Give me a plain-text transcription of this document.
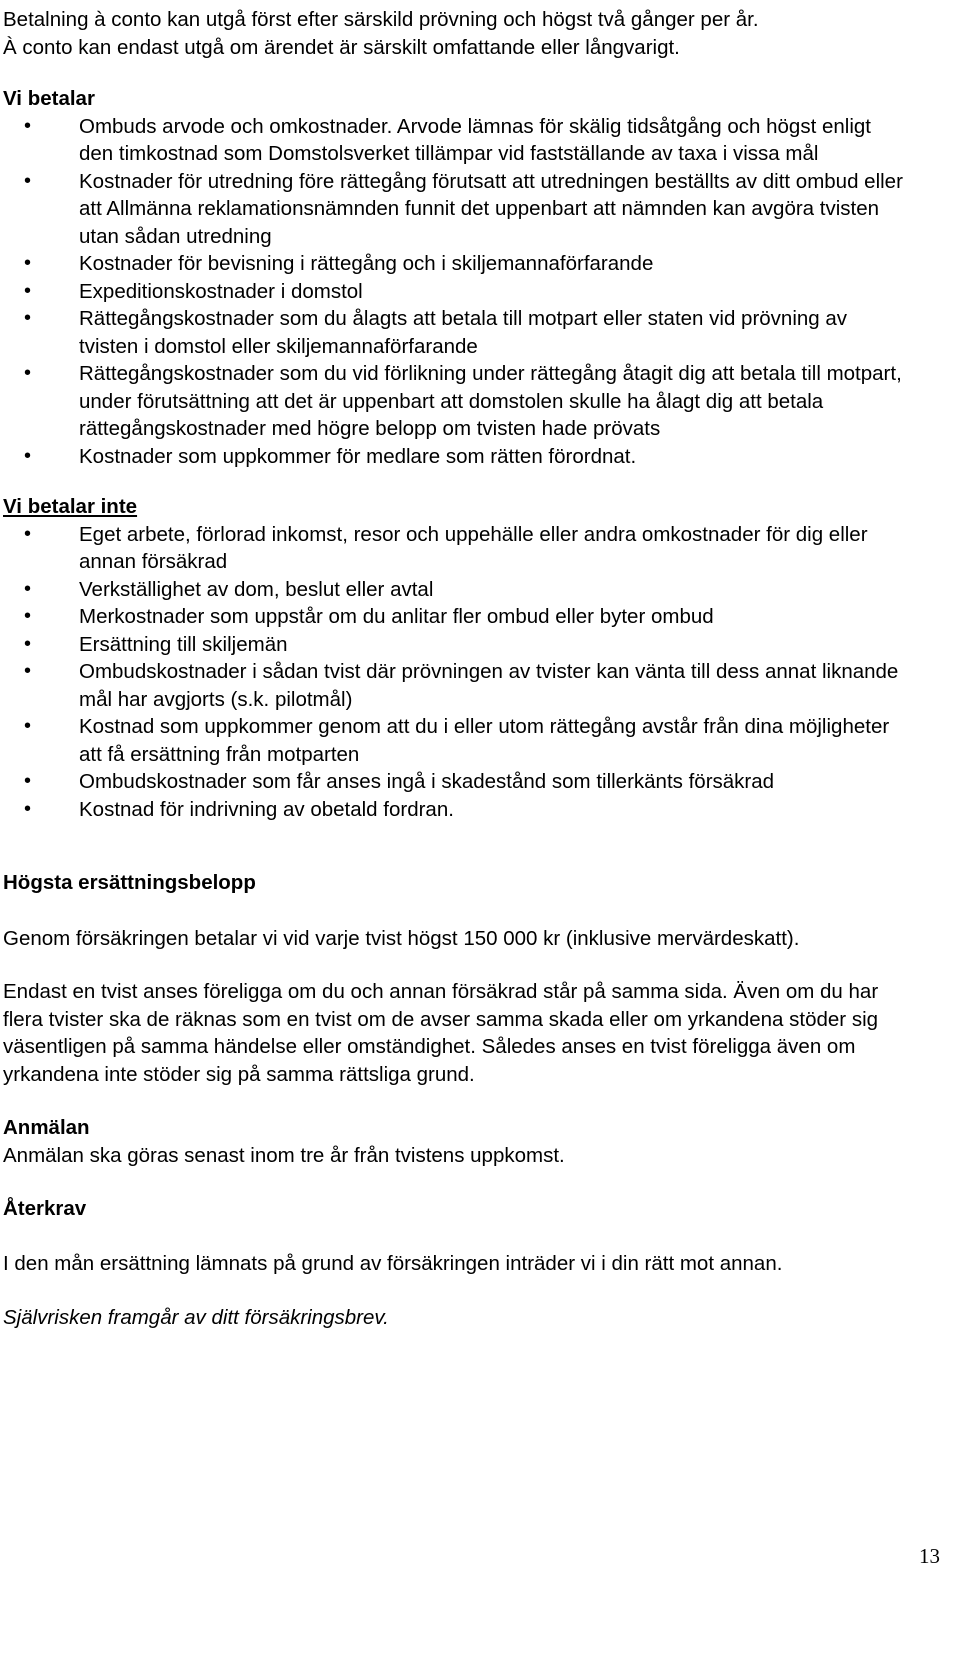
Betalning à conto kan utgå först efter särskild prövning och högst två gånger per år.

À conto kan endast utgå om ärendet är särskilt omfattande eller långvarigt.

Vi betalar

• Ombuds arvode och omkostnader. Arvode lämnas för skälig tidsåtgång och högst enligt den timkostnad som Domstolsverket tillämpar vid fastställande av taxa i vissa mål
• Kostnader för utredning före rättegång förutsatt att utredningen beställts av ditt ombud eller att Allmänna reklamationsnämnden funnit det uppenbart att nämnden kan avgöra tvisten utan sådan utredning
• Kostnader för bevisning i rättegång och i skiljemannaförfarande
• Expeditionskostnader i domstol
• Rättegångskostnader som du ålagts att betala till motpart eller staten vid prövning av tvisten i domstol eller skiljemannaförfarande
• Rättegångskostnader som du vid förlikning under rättegång åtagit dig att betala till motpart, under förutsättning att det är uppenbart att domstolen skulle ha ålagt dig att betala rättegångskostnader med högre belopp om tvisten hade prövats
• Kostnader som uppkommer för medlare som rätten förordnat.

Vi betalar inte

• Eget arbete, förlorad inkomst, resor och uppehälle eller andra omkostnader för dig eller annan försäkrad
• Verkställighet av dom, beslut eller avtal
• Merkostnader som uppstår om du anlitar fler ombud eller byter ombud
• Ersättning till skiljemän
• Ombudskostnader i sådan tvist där prövningen av tvister kan vänta till dess annat liknande mål har avgjorts (s.k. pilotmål)
• Kostnad som uppkommer genom att du i eller utom rättegång avstår från dina möjligheter att få ersättning från motparten
• Ombudskostnader som får anses ingå i skadestånd som tillerkänts försäkrad
• Kostnad för indrivning av obetald fordran.

Högsta ersättningsbelopp

Genom försäkringen betalar vi vid varje tvist högst 150 000 kr (inklusive mervärdeskatt).

Endast en tvist anses föreligga om du och annan försäkrad står på samma sida. Även om du har flera tvister ska de räknas som en tvist om de avser samma skada eller om yrkandena stöder sig väsentligen på samma händelse eller omständighet. Således anses en tvist föreligga även om yrkandena inte stöder sig på samma rättsliga grund.

Anmälan

Anmälan ska göras senast inom tre år från tvistens uppkomst.

Återkrav

I den mån ersättning lämnats på grund av försäkringen inträder vi i din rätt mot annan.

Självrisken framgår av ditt försäkringsbrev.

13
